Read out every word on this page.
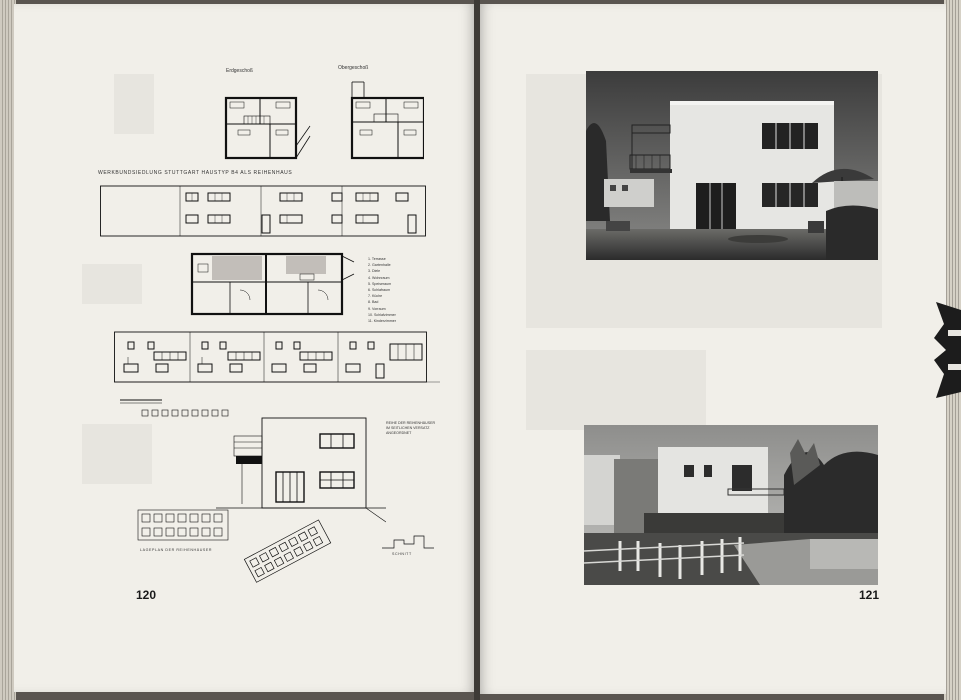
Erdgeschoß	Obergeschoß
WERKBUNDSIEDLUNG STUTTGART HAUSTYP B4 ALS REIHENHAUS
1. Terrasse
2. Gartenhalle
3. Diele
4. Wohnraum
5. Speiseraum
6. Schlafraum
7. Küche
8. Bad
9. Vorraum
10. Schlafzimmer
11. Kinderzimmer
REIHE DER REIHENHÄUSER
IM SEITLICHEN VERSATZ
ANGEORDNET
LAGEPLAN DER REIHENHÄUSER
SCHNITT
120	121
